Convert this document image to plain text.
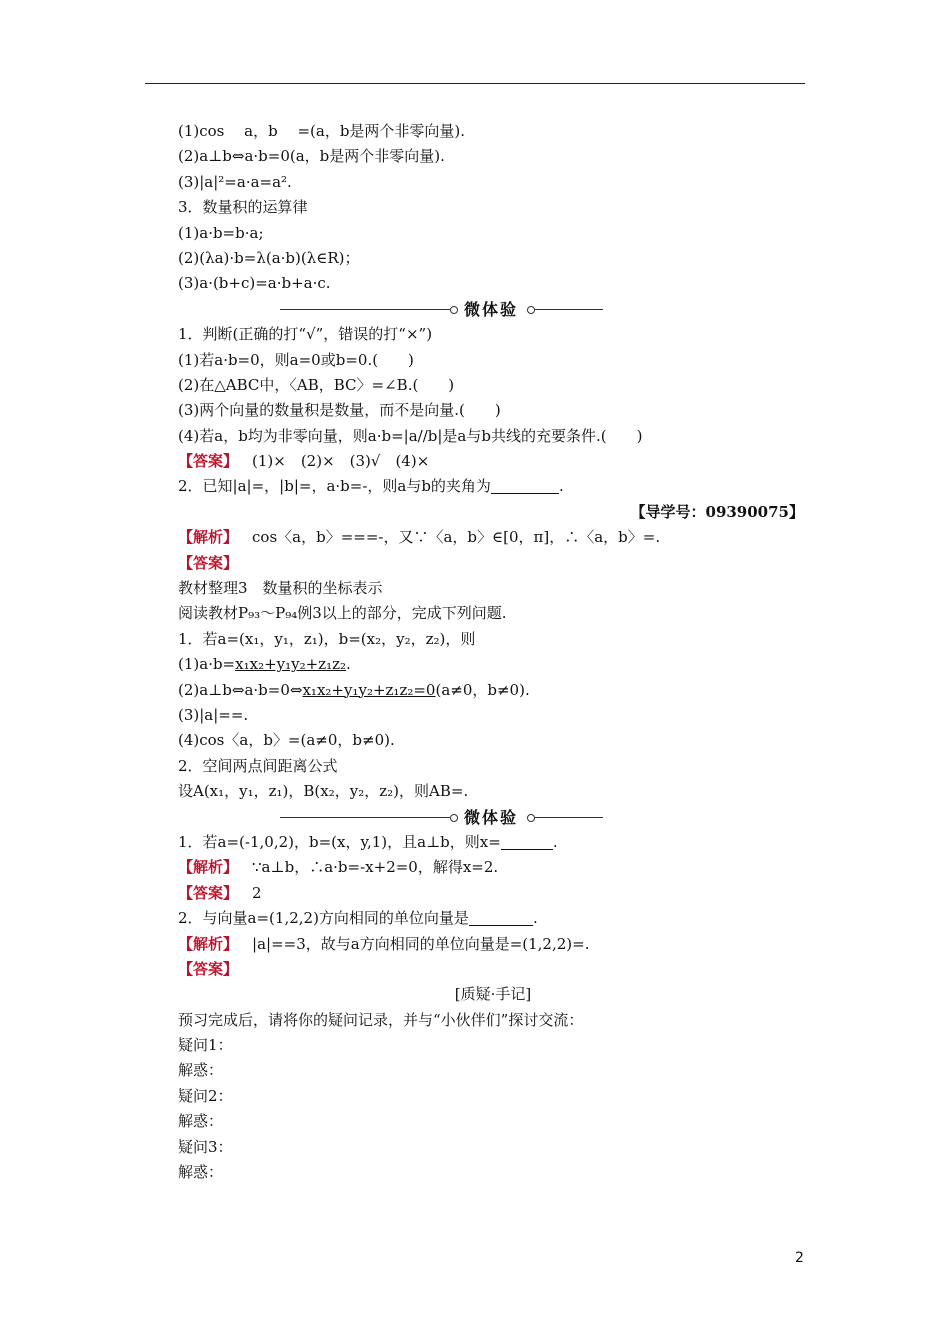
(1)cos　 a，b　 =(a，b是两个非零向量).
(2)a⊥b⇔a·b=0(a，b是两个非零向量).
(3)|a|²=a·a=a².
3．数量积的运算律
(1)a·b=b·a;
(2)(λa)·b=λ(a·b)(λ∈R)；
(3)a·(b+c)=a·b+a·c.
微体验
1．判断(正确的打“√”，错误的打“×”)
(1)若a·b=0，则a=0或b=0.(　　)
(2)在△ABC中，〈AB，BC〉=∠B.(　　)
(3)两个向量的数量积是数量，而不是向量.(　　)
(4)若a，b均为非零向量，则a·b=|a//b|是a与b共线的充要条件.(　　)
【答案】 (1)×　(2)×　(3)√　(4)×
2．已知|a|=，|b|=，a·b=-，则a与b的夹角为	.
【导学号：09390075】
【解析】 cos〈a，b〉===-，又∵〈a，b〉∈[0，π]，∴〈a，b〉=.
【答案】
教材整理3　数量积的坐标表示
阅读教材P₉₃～P₉₄例3以上的部分，完成下列问题.
1．若a=(x₁，y₁，z₁)，b=(x₂，y₂，z₂)，则
(1)a·b=x₁x₂+y₁y₂+z₁z₂.
(2)a⊥b⇔a·b=0⇔x₁x₂+y₁y₂+z₁z₂=0(a≠0，b≠0).
(3)|a|==.
(4)cos〈a，b〉=(a≠0，b≠0).
2．空间两点间距离公式
设A(x₁，y₁，z₁)，B(x₂，y₂，z₂)，则AB=.
微体验
1．若a=(-1,0,2)，b=(x，y,1)，且a⊥b，则x=	.
【解析】 ∵a⊥b，∴a·b=-x+2=0，解得x=2.
【答案】 2
2．与向量a=(1,2,2)方向相同的单位向量是	.
【解析】 |a|==3，故与a方向相同的单位向量是=(1,2,2)=.
【答案】
[质疑·手记]
预习完成后，请将你的疑问记录，并与“小伙伴们”探讨交流：
疑问1：
解惑：
疑问2：
解惑：
疑问3：
解惑：
2
